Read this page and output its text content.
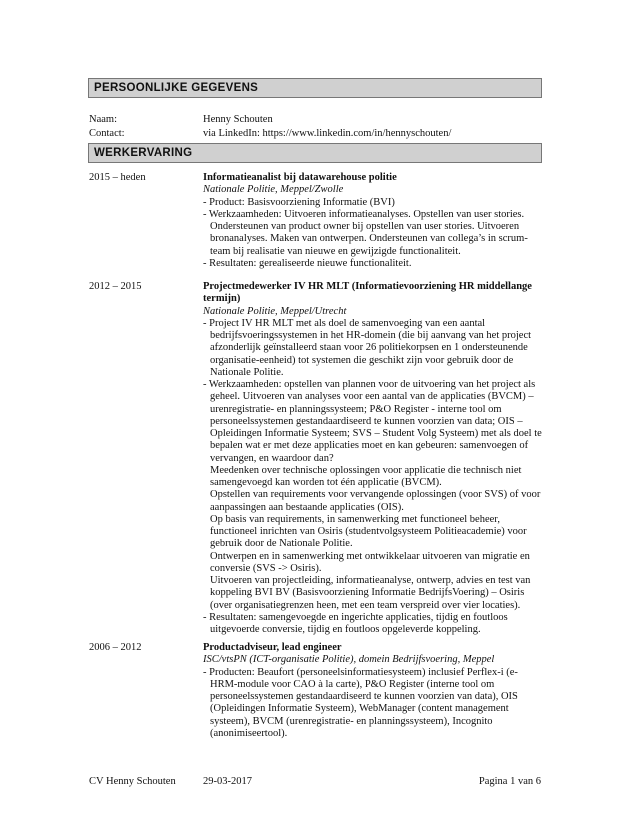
PERSOONLIJKE GEGEVENS
Naam:	Henny Schouten
Contact:	via LinkedIn: https://www.linkedin.com/in/hennyschouten/
WERKERVARING
2015 – heden	Informatieanalist bij datawarehouse politie
Nationale Politie, Meppel/Zwolle
- Product: Basisvoorziening Informatie (BVI)
- Werkzaamheden: Uitvoeren informatieanalyses. Opstellen van user stories.
Ondersteunen van product owner bij opstellen van user stories. Uitvoeren
bronanalyses. Maken van ontwerpen. Ondersteunen van collega’s in scrum-
team bij realisatie van nieuwe en gewijzigde functionaliteit.
- Resultaten: gerealiseerde nieuwe functionaliteit.
2012 – 2015	Projectmedewerker IV HR MLT (Informatievoorziening HR middellange
termijn)
Nationale Politie, Meppel/Utrecht
- Project IV HR MLT met als doel de samenvoeging van een aantal
bedrijfsvoeringssystemen in het HR-domein (die bij aanvang van het project
afzonderlijk geïnstalleerd staan voor 26 politiekorpsen en 1 ondersteunende
organisatie-eenheid) tot systemen die geschikt zijn voor gebruik door de
Nationale Politie.
- Werkzaamheden: opstellen van plannen voor de uitvoering van het project als
geheel. Uitvoeren van analyses voor een aantal van de applicaties (BVCM) –
urenregistratie- en planningssysteem; P&O Register - interne tool om
personeelssystemen gestandaardiseerd te kunnen voorzien van data; OIS –
Opleidingen Informatie Systeem; SVS – Student Volg Systeem) met als doel te
bepalen wat er met deze applicaties moet en kan gebeuren: samenvoegen of
vervangen, en waardoor dan?
Meedenken over technische oplossingen voor applicatie die technisch niet
samengevoegd kan worden tot één applicatie (BVCM).
Opstellen van requirements voor vervangende oplossingen (voor SVS) of voor
aanpassingen aan bestaande applicaties (OIS).
Op basis van requirements, in samenwerking met functioneel beheer,
functioneel inrichten van Osiris (studentvolgsysteem Politieacademie) voor
gebruik door de Nationale Politie.
Ontwerpen en in samenwerking met ontwikkelaar uitvoeren van migratie en
conversie (SVS -> Osiris).
Uitvoeren van projectleiding, informatieanalyse, ontwerp, advies en test van
koppeling BVI BV (Basisvoorziening Informatie BedrijfsVoering) – Osiris
(over organisatiegrenzen heen, met een team verspreid over vier locaties).
- Resultaten: samengevoegde en ingerichte applicaties, tijdig en foutloos
uitgevoerde conversie, tijdig en foutloos opgeleverde koppeling.
2006 – 2012	Productadviseur, lead engineer
ISC/vtsPN (ICT-organisatie Politie), domein Bedrijfsvoering, Meppel
- Producten: Beaufort (personeelsinformatiesysteem) inclusief Perflex-i (e-
HRM-module voor CAO à la carte), P&O Register (interne tool om
personeelssystemen gestandaardiseerd te kunnen voorzien van data), OIS
(Opleidingen Informatie Systeem), WebManager (content management
systeem), BVCM (urenregistratie- en planningssysteem), Incognito
(anonimiseertool).
CV Henny Schouten	29-03-2017	Pagina 1 van 6
